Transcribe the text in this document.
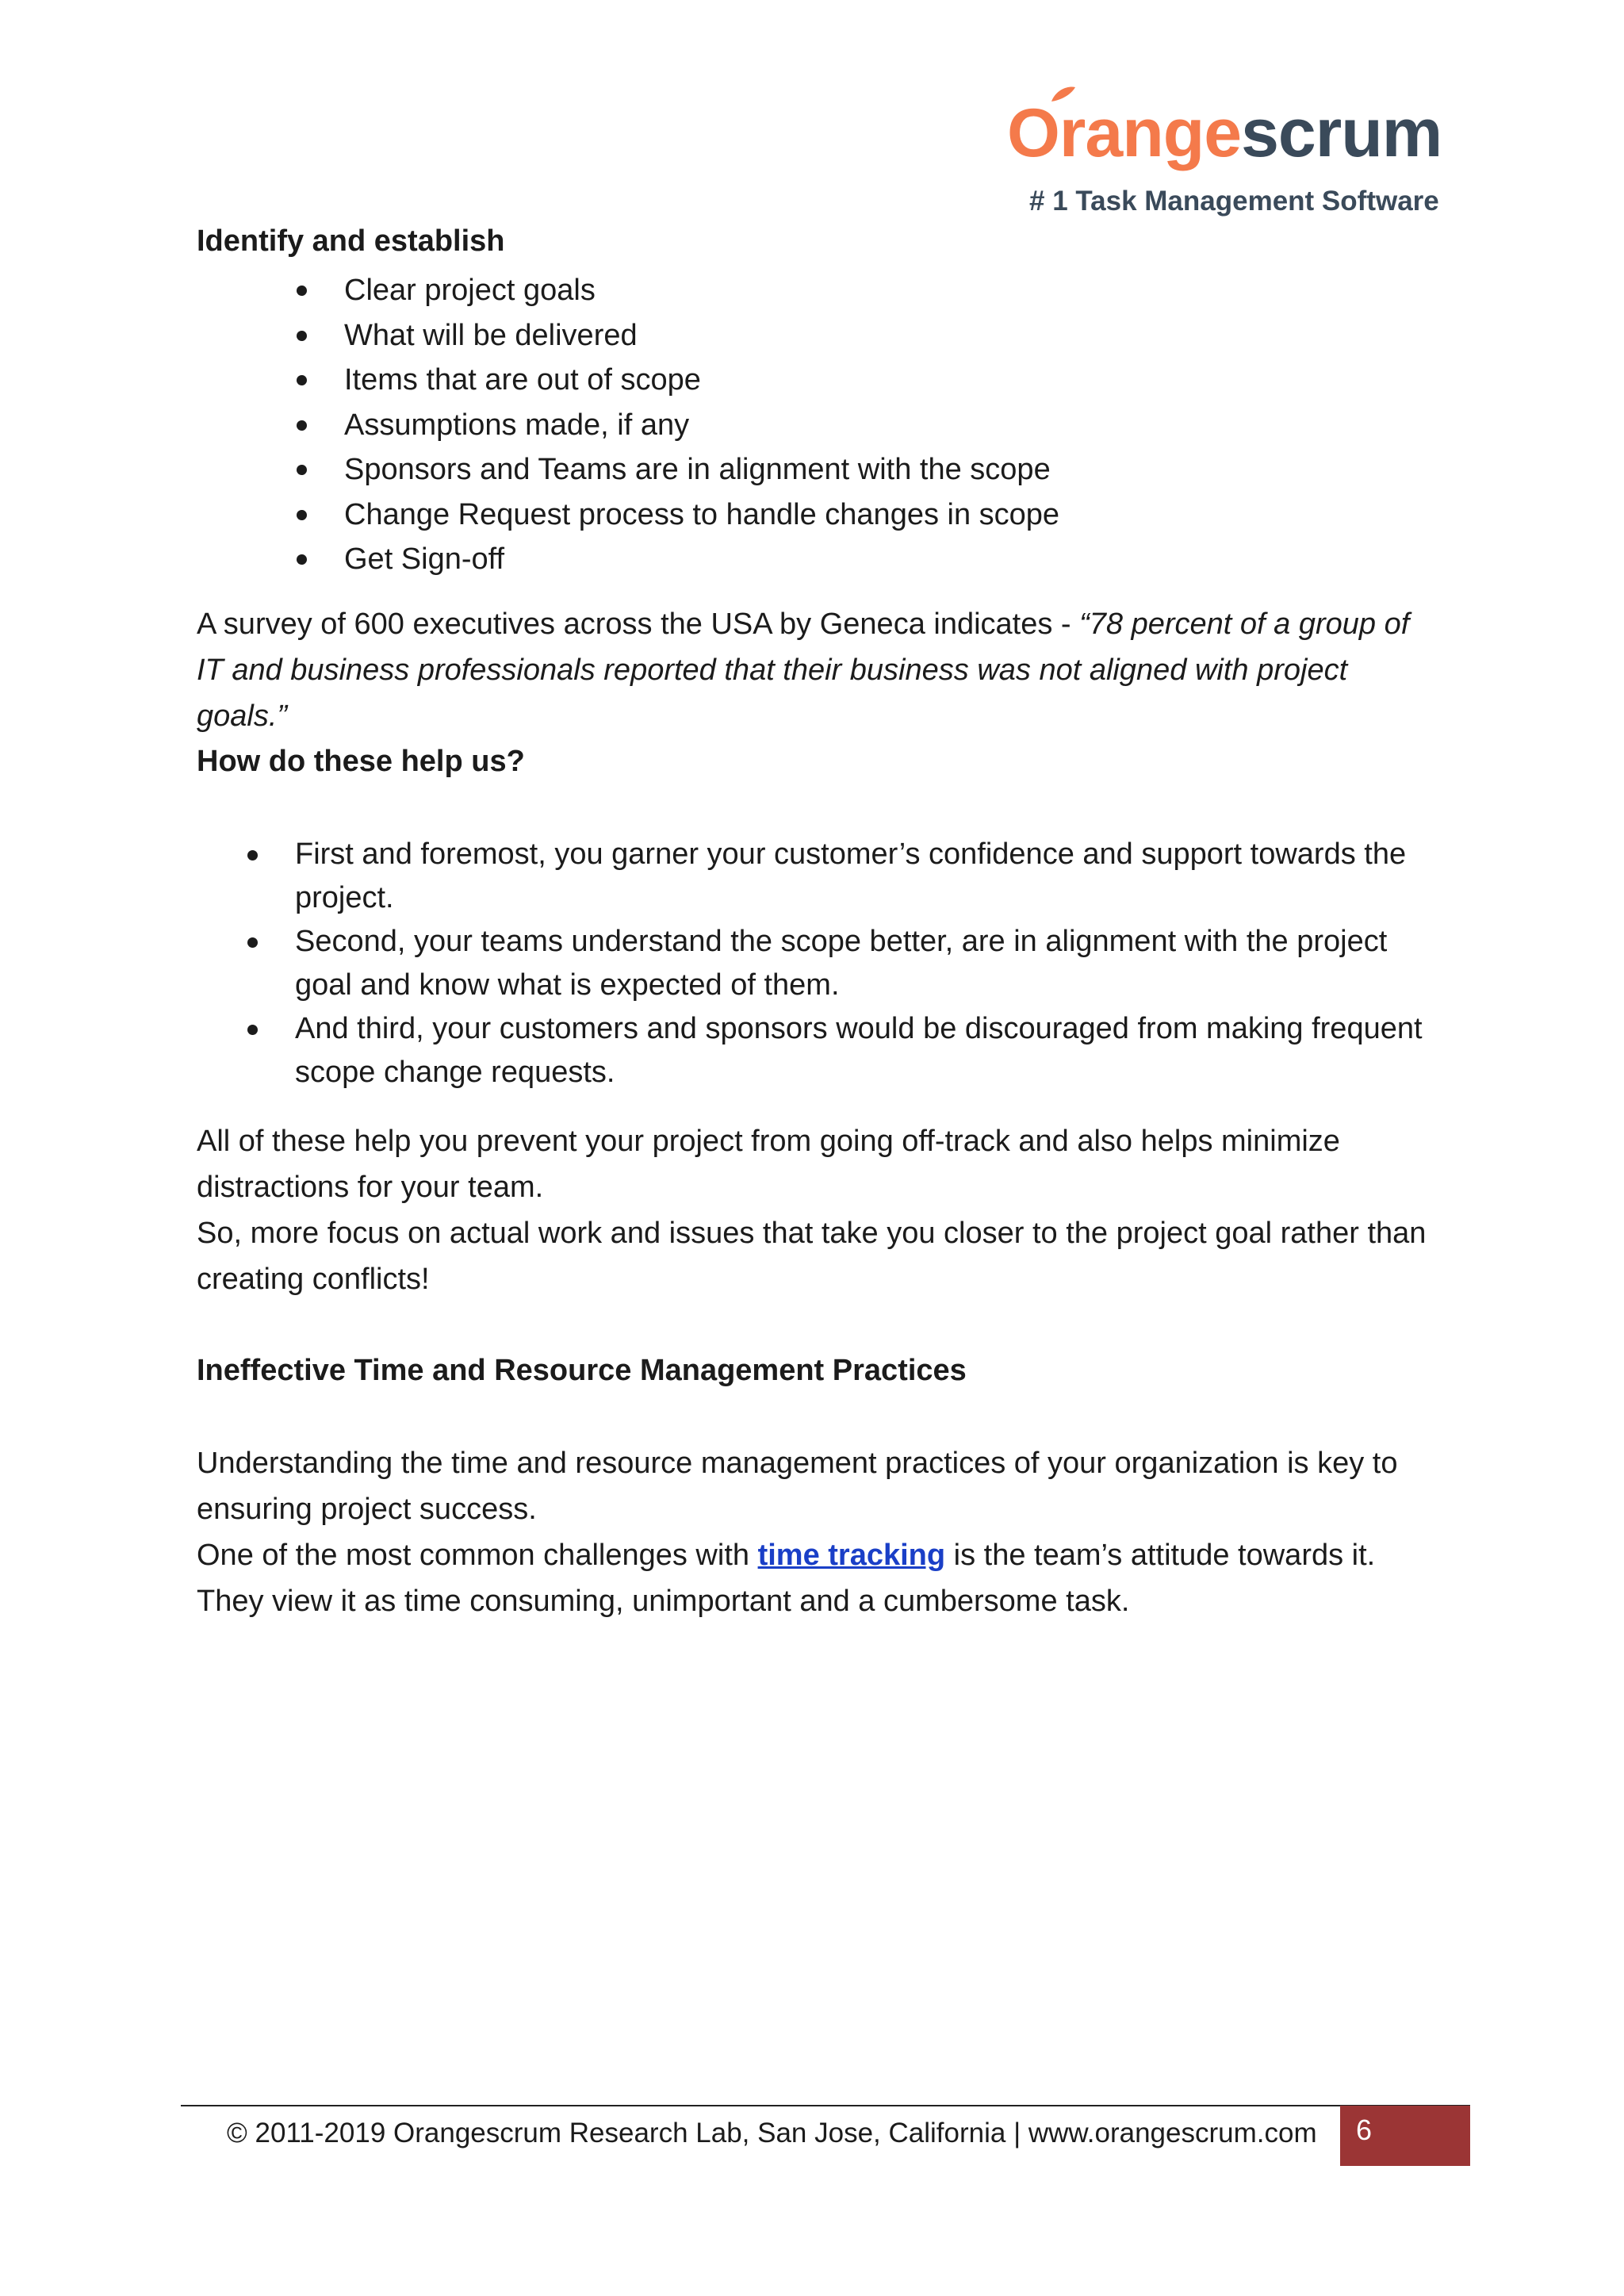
Orangescrum
# 1 Task Management Software
Identify and establish
Clear project goals
What will be delivered
Items that are out of scope
Assumptions made, if any
Sponsors and Teams are in alignment with the scope
Change Request process to handle changes in scope
Get Sign-off
A survey of 600 executives across the USA by Geneca indicates - “78 percent of a group of IT and business professionals reported that their business was not aligned with project goals.”
How do these help us?
First and foremost, you garner your customer’s confidence and support towards the project.
Second, your teams understand the scope better, are in alignment with the project goal and know what is expected of them.
And third, your customers and sponsors would be discouraged from making frequent scope change requests.
All of these help you prevent your project from going off-track and also helps minimize distractions for your team.
So, more focus on actual work and issues that take you closer to the project goal rather than creating conflicts!
Ineffective Time and Resource Management Practices
Understanding the time and resource management practices of your organization is key to ensuring project success.
One of the most common challenges with time tracking is the team’s attitude towards it.
They view it as time consuming, unimportant and a cumbersome task.
© 2011-2019 Orangescrum Research Lab, San Jose, California | www.orangescrum.com 6
